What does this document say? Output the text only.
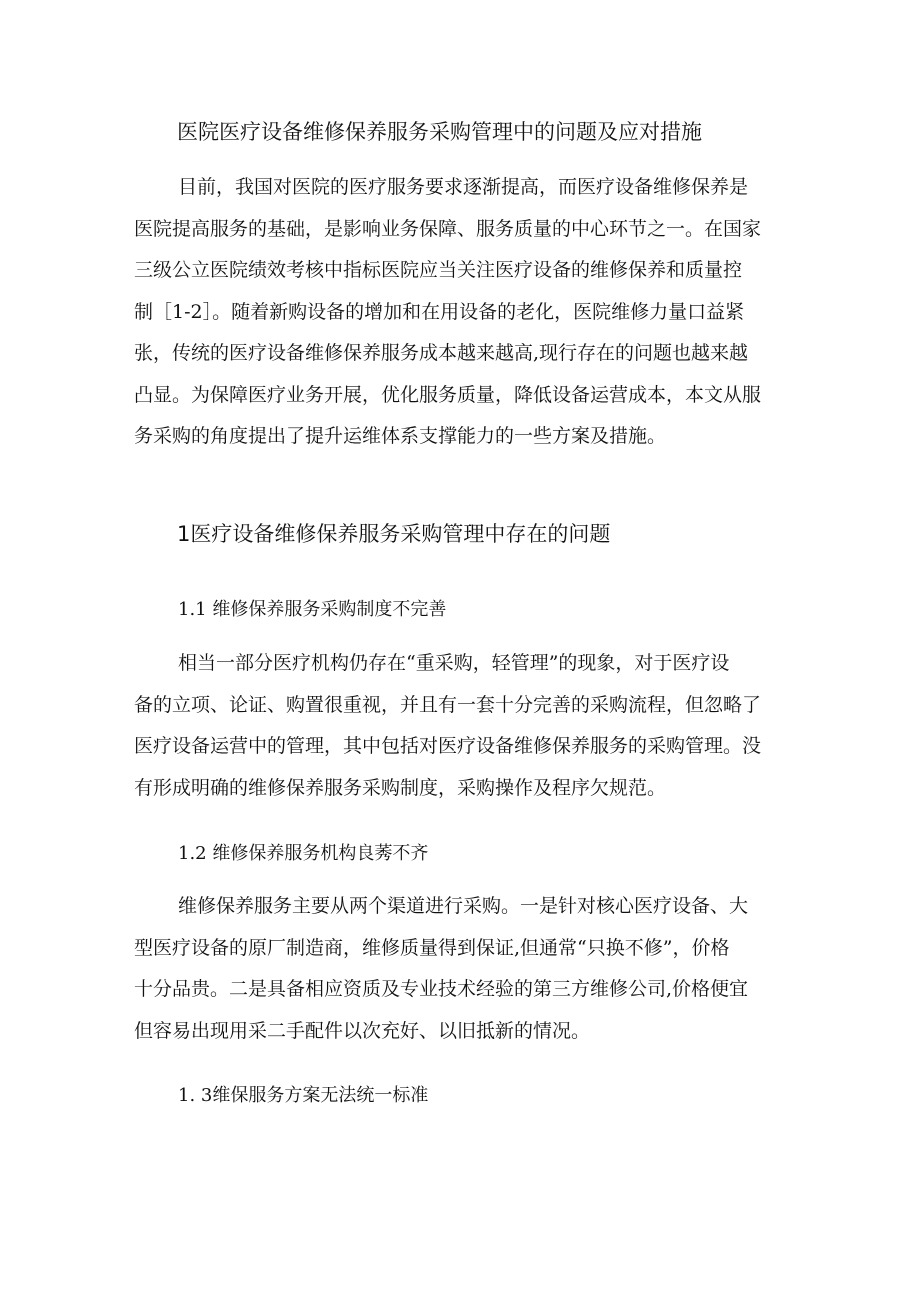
医院医疗设备维修保养服务采购管理中的问题及应对措施
目前，我国对医院的医疗服务要求逐渐提高，而医疗设备维修保养是
医院提高服务的基础，是影响业务保障、服务质量的中心环节之一。在国家
三级公立医院绩效考核中指标⁠医院应当关注医疗设备的维修保养和质量控
制［1-2］。随着新购设备的增加和在用设备的老化，医院维修力量口益紧
张，传统的医疗设备维修保养服务成本越来越高,现行存在的问题也越来越
凸显。为保障医疗业务开展，优化服务质量，降低设备运营成本，本文从服
务采购的角度提出了提升运维体系支撑能力的一些方案及措施。
1医疗设备维修保养服务采购管理中存在的问题
1.1 维修保养服务采购制度不完善
相当一部分医疗机构仍存在“重采购，轻管理”的现象，对于医疗设
备的立项、论证、购置很重视，并且有一套十分完善的采购流程，但忽略了
医疗设备运营中的管理，其中包括对医疗设备维修保养服务的采购管理。没
有形成明确的维修保养服务采购制度，采购操作及程序欠规范。
1.2 维修保养服务机构良莠不齐
维修保养服务主要从两个渠道进行采购。一是针对核心医疗设备、大
型医疗设备的原厂制造商，维修质量得到保证,但通常“只换不修”，价格
十分品贵。二是具备相应资质及专业技术经验的第三方维修公司,价格便宜
但容易出现用采二手配件以次充好、以旧抵新的情况。
1. 3维保服务方案无法统一标准
